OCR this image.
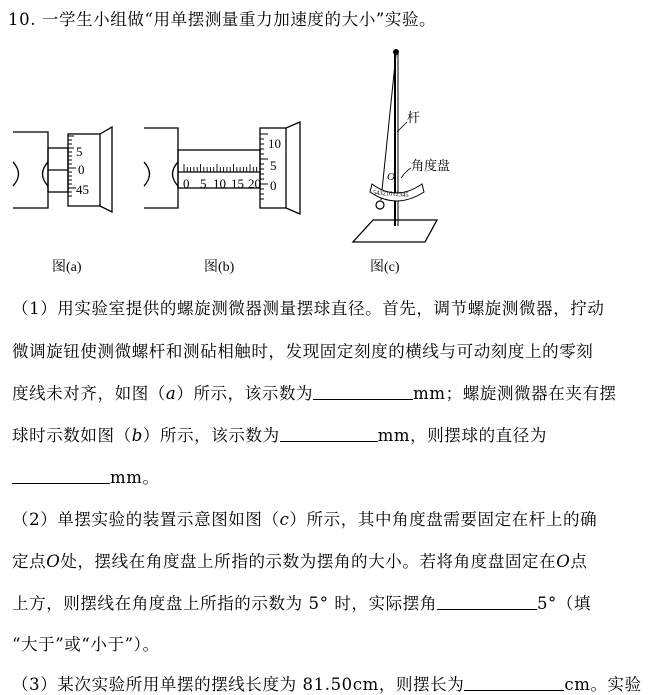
10. 一学生小组做“用单摆测量重力加速度的大小”实验。
5
0
45	0 5 10 15 20
10
5
0
54321012345
杆
角度盘
O
图(a)	图(b)	图(c)
（1）用实验室提供的螺旋测微器测量摆球直径。首先，调节螺旋测微器，拧动
微调旋钮使测微螺杆和测砧相触时，发现固定刻度的横线与可动刻度上的零刻
度线未对齐，如图（a）所示，该示数为	mm；螺旋测微器在夹有摆
球时示数如图（b）所示，该示数为	mm，则摆球的直径为
mm。
（2）单摆实验的装置示意图如图（c）所示，其中角度盘需要固定在杆上的确
定点O处，摆线在角度盘上所指的示数为摆角的大小。若将角度盘固定在O点
上方，则摆线在角度盘上所指的示数为 5° 时，实际摆角	5°（填
“大于”或“小于”）。
（3）某次实验所用单摆的摆线长度为 81.50cm，则摆长为	cm。实验
